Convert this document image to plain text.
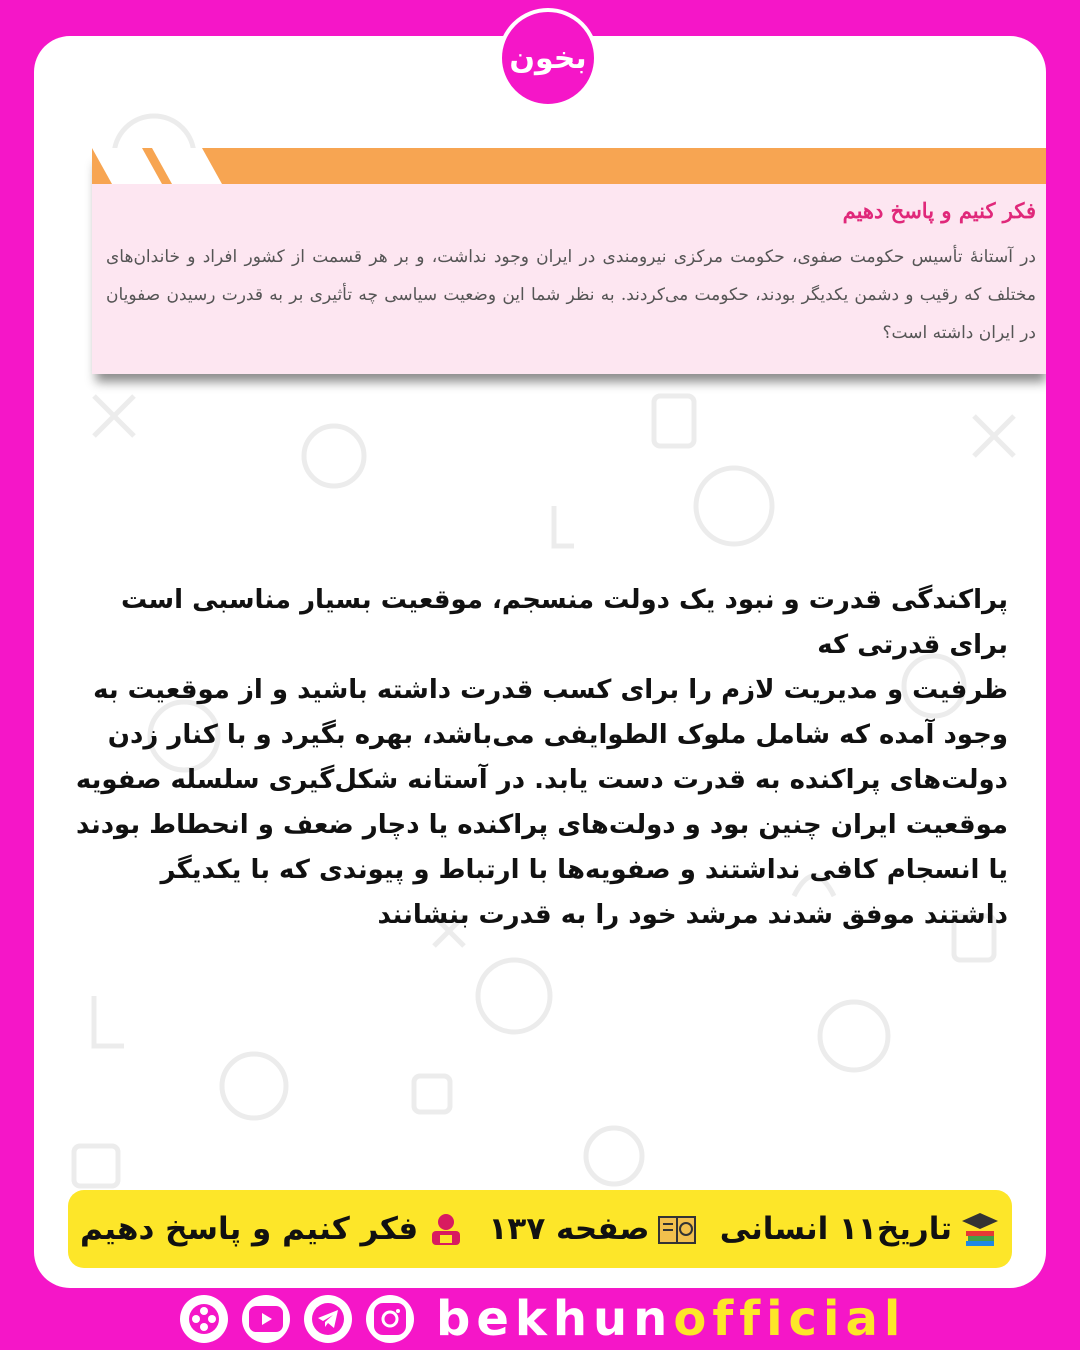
فکر کنیم و پاسخ دهیم
در آستانهٔ تأسیس حکومت صفوی، حکومت مرکزی نیرومندی در ایران وجود نداشت، و بر هر قسمت از کشور افراد و خاندان‌های مختلف که رقیب و دشمن یکدیگر بودند، حکومت می‌کردند. به نظر شما این وضعیت سیاسی چه تأثیری بر به قدرت رسیدن صفویان در ایران داشته است؟

پراکندگی قدرت و نبود یک دولت منسجم، موقعیت بسیار مناسبی است برای قدرتی که

ظرفیت و مدیریت لازم را برای کسب قدرت داشته باشید و از موقعیت به وجود آمده که شامل ملوک الطوایفی می‌باشد، بهره بگیرد و با کنار زدن دولت‌های پراکنده به قدرت دست یابد. در آستانه شکل‌گیری سلسله صفویه موقعیت ایران چنین بود و دولت‌های پراکنده یا دچار ضعف و انحطاط بودند یا انسجام کافی نداشتند و صفویه‌ها با ارتباط و پیوندی که با یکدیگر داشتند موفق شدند مرشد خود را به قدرت بنشانند

فکر کنیم و پاسخ دهیم صفحه ۱۳۷ تاریخ۱۱ انسانی
بخون
bekhunofficial
